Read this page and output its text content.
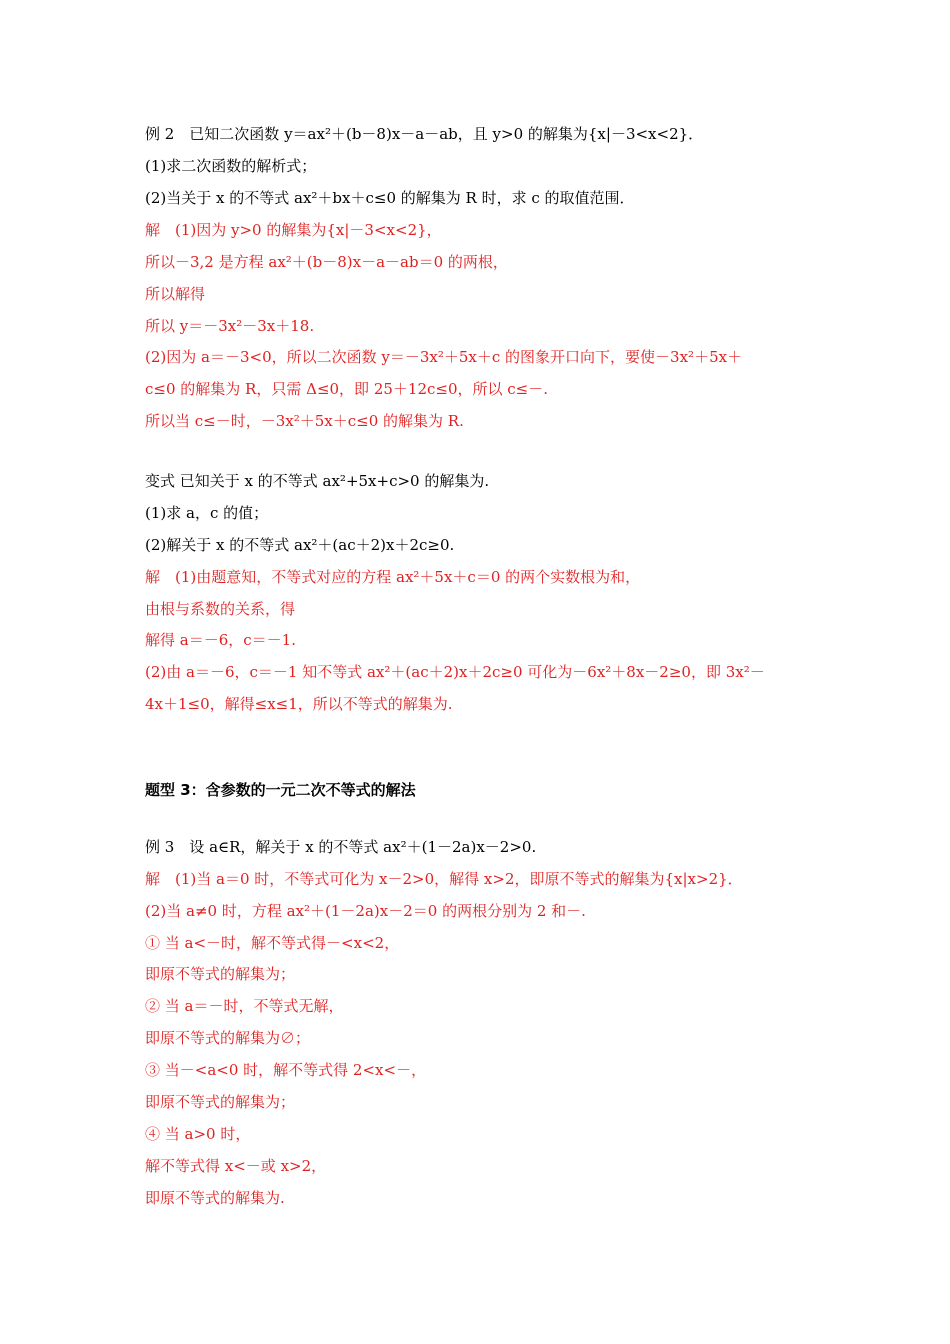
例 2　已知二次函数 y＝ax²＋(b－8)x－a－ab，且 y>0 的解集为{x|－3<x<2}．
(1)求二次函数的解析式；
(2)当关于 x 的不等式 ax²＋bx＋c≤0 的解集为 R 时，求 c 的取值范围．
解　(1)因为 y>0 的解集为{x|－3<x<2}，
所以－3,2 是方程 ax²＋(b－8)x－a－ab＝0 的两根，
所以解得
所以 y＝－3x²－3x＋18.
(2)因为 a＝－3<0，所以二次函数 y＝－3x²＋5x＋c 的图象开口向下，要使－3x²＋5x＋
c≤0 的解集为 R，只需 Δ≤0，即 25＋12c≤0，所以 c≤－.
所以当 c≤－时，－3x²＋5x＋c≤0 的解集为 R.
变式 已知关于 x 的不等式 ax²+5x+c>0 的解集为.
(1)求 a，c 的值；
(2)解关于 x 的不等式 ax²＋(ac＋2)x＋2c≥0.
解　(1)由题意知，不等式对应的方程 ax²＋5x＋c＝0 的两个实数根为和，
由根与系数的关系，得
解得 a＝－6，c＝－1.
(2)由 a＝－6，c＝－1 知不等式 ax²＋(ac＋2)x＋2c≥0 可化为－6x²＋8x－2≥0，即 3x²－
4x＋1≤0，解得≤x≤1，所以不等式的解集为.
题型 3：含参数的一元二次不等式的解法
例 3　设 a∈R，解关于 x 的不等式 ax²＋(1－2a)x－2>0.
解　(1)当 a＝0 时，不等式可化为 x－2>0，解得 x>2，即原不等式的解集为{x|x>2}．
(2)当 a≠0 时，方程 ax²＋(1－2a)x－2＝0 的两根分别为 2 和－.
① 当 a<－时，解不等式得－<x<2，
即原不等式的解集为；
② 当 a＝－时，不等式无解，
即原不等式的解集为∅；
③ 当－<a<0 时，解不等式得 2<x<－，
即原不等式的解集为；
④ 当 a>0 时，
解不等式得 x<－或 x>2，
即原不等式的解集为.
